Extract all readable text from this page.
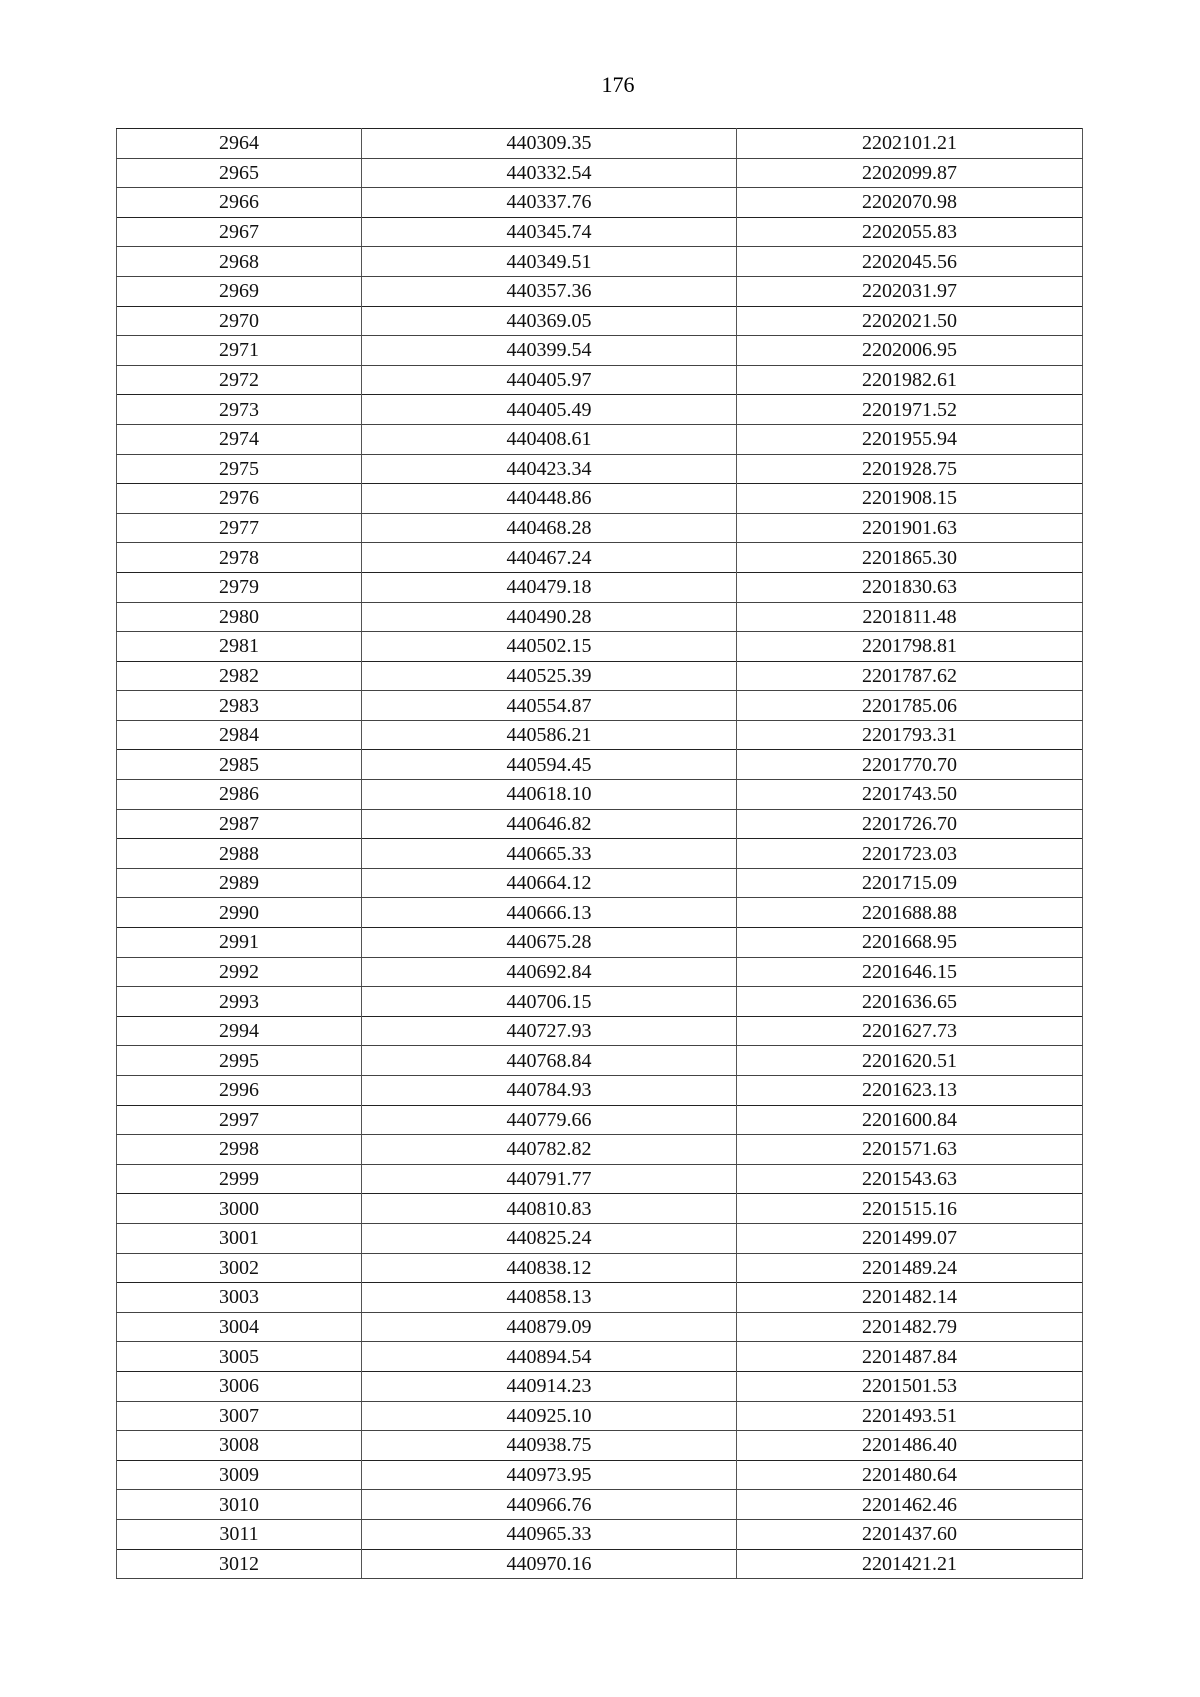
176
2964	440309.35	2202101.21
2965	440332.54	2202099.87
2966	440337.76	2202070.98
2967	440345.74	2202055.83
2968	440349.51	2202045.56
2969	440357.36	2202031.97
2970	440369.05	2202021.50
2971	440399.54	2202006.95
2972	440405.97	2201982.61
2973	440405.49	2201971.52
2974	440408.61	2201955.94
2975	440423.34	2201928.75
2976	440448.86	2201908.15
2977	440468.28	2201901.63
2978	440467.24	2201865.30
2979	440479.18	2201830.63
2980	440490.28	2201811.48
2981	440502.15	2201798.81
2982	440525.39	2201787.62
2983	440554.87	2201785.06
2984	440586.21	2201793.31
2985	440594.45	2201770.70
2986	440618.10	2201743.50
2987	440646.82	2201726.70
2988	440665.33	2201723.03
2989	440664.12	2201715.09
2990	440666.13	2201688.88
2991	440675.28	2201668.95
2992	440692.84	2201646.15
2993	440706.15	2201636.65
2994	440727.93	2201627.73
2995	440768.84	2201620.51
2996	440784.93	2201623.13
2997	440779.66	2201600.84
2998	440782.82	2201571.63
2999	440791.77	2201543.63
3000	440810.83	2201515.16
3001	440825.24	2201499.07
3002	440838.12	2201489.24
3003	440858.13	2201482.14
3004	440879.09	2201482.79
3005	440894.54	2201487.84
3006	440914.23	2201501.53
3007	440925.10	2201493.51
3008	440938.75	2201486.40
3009	440973.95	2201480.64
3010	440966.76	2201462.46
3011	440965.33	2201437.60
3012	440970.16	2201421.21
